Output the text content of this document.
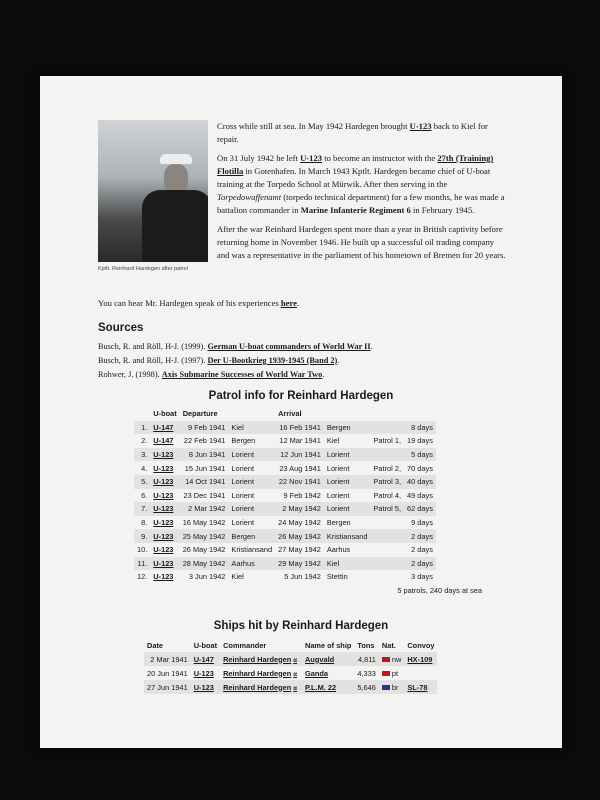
Kptlt. Reinhard Hardegen after patrol

Cross while still at sea. In May 1942 Hardegen brought U-123 back to Kiel for repair.

On 31 July 1942 he left U-123 to become an instructor with the 27th (Training) Flotilla in Gotenhafen. In March 1943 Kptlt. Hardegen became chief of U-boat training at the Torpedo School at Mürwik. After then serving in the Torpedowaffenamt (torpedo technical department) for a few months, he was made a battalion commander in Marine Infanterie Regiment 6 in February 1945.

After the war Reinhard Hardegen spent more than a year in British captivity before returning home in November 1946. He built up a successful oil trading company and was a representative in the parliament of his hometown of Bremen for 20 years.

You can hear Mr. Hardegen speak of his experiences here.
Sources
Busch, R. and Röll, H-J. (1999). German U-boat commanders of World War II.
Busch, R. and Röll, H-J. (1997). Der U-Bootkrieg 1939-1945 (Band 2).
Rohwer, J. (1998). Axis Submarine Successes of World War Two.
Patrol info for Reinhard Hardegen
	U-boat	Departure		Arrival			
1.	U-147	9 Feb 1941	Kiel	16 Feb 1941	Bergen		8 days
2.	U-147	22 Feb 1941	Bergen	12 Mar 1941	Kiel	Patrol 1,	19 days
3.	U-123	8 Jun 1941	Lorient	12 Jun 1941	Lorient		5 days
4.	U-123	15 Jun 1941	Lorient	23 Aug 1941	Lorient	Patrol 2,	70 days
5.	U-123	14 Oct 1941	Lorient	22 Nov 1941	Lorient	Patrol 3,	40 days
6.	U-123	23 Dec 1941	Lorient	9 Feb 1942	Lorient	Patrol 4,	49 days
7.	U-123	2 Mar 1942	Lorient	2 May 1942	Lorient	Patrol 5,	62 days
8.	U-123	16 May 1942	Lorient	24 May 1942	Bergen		9 days
9.	U-123	25 May 1942	Bergen	26 May 1942	Kristiansand		2 days
10.	U-123	26 May 1942	Kristiansand	27 May 1942	Aarhus		2 days
11.	U-123	28 May 1942	Aarhus	29 May 1942	Kiel		2 days
12.	U-123	3 Jun 1942	Kiel	5 Jun 1942	Stettin		3 days
5 patrols, 240 days at sea
Ships hit by Reinhard Hardegen
Date	U-boat	Commander	Name of ship	Tons	Nat.	Convoy
2 Mar 1941	U-147	Reinhard Hardegen α	Augvald	4,811	nw	HX-109
20 Jun 1941	U-123	Reinhard Hardegen α	Ganda	4,333	pt	
27 Jun 1941	U-123	Reinhard Hardegen α	P.L.M. 22	5,646	br	SL-78
